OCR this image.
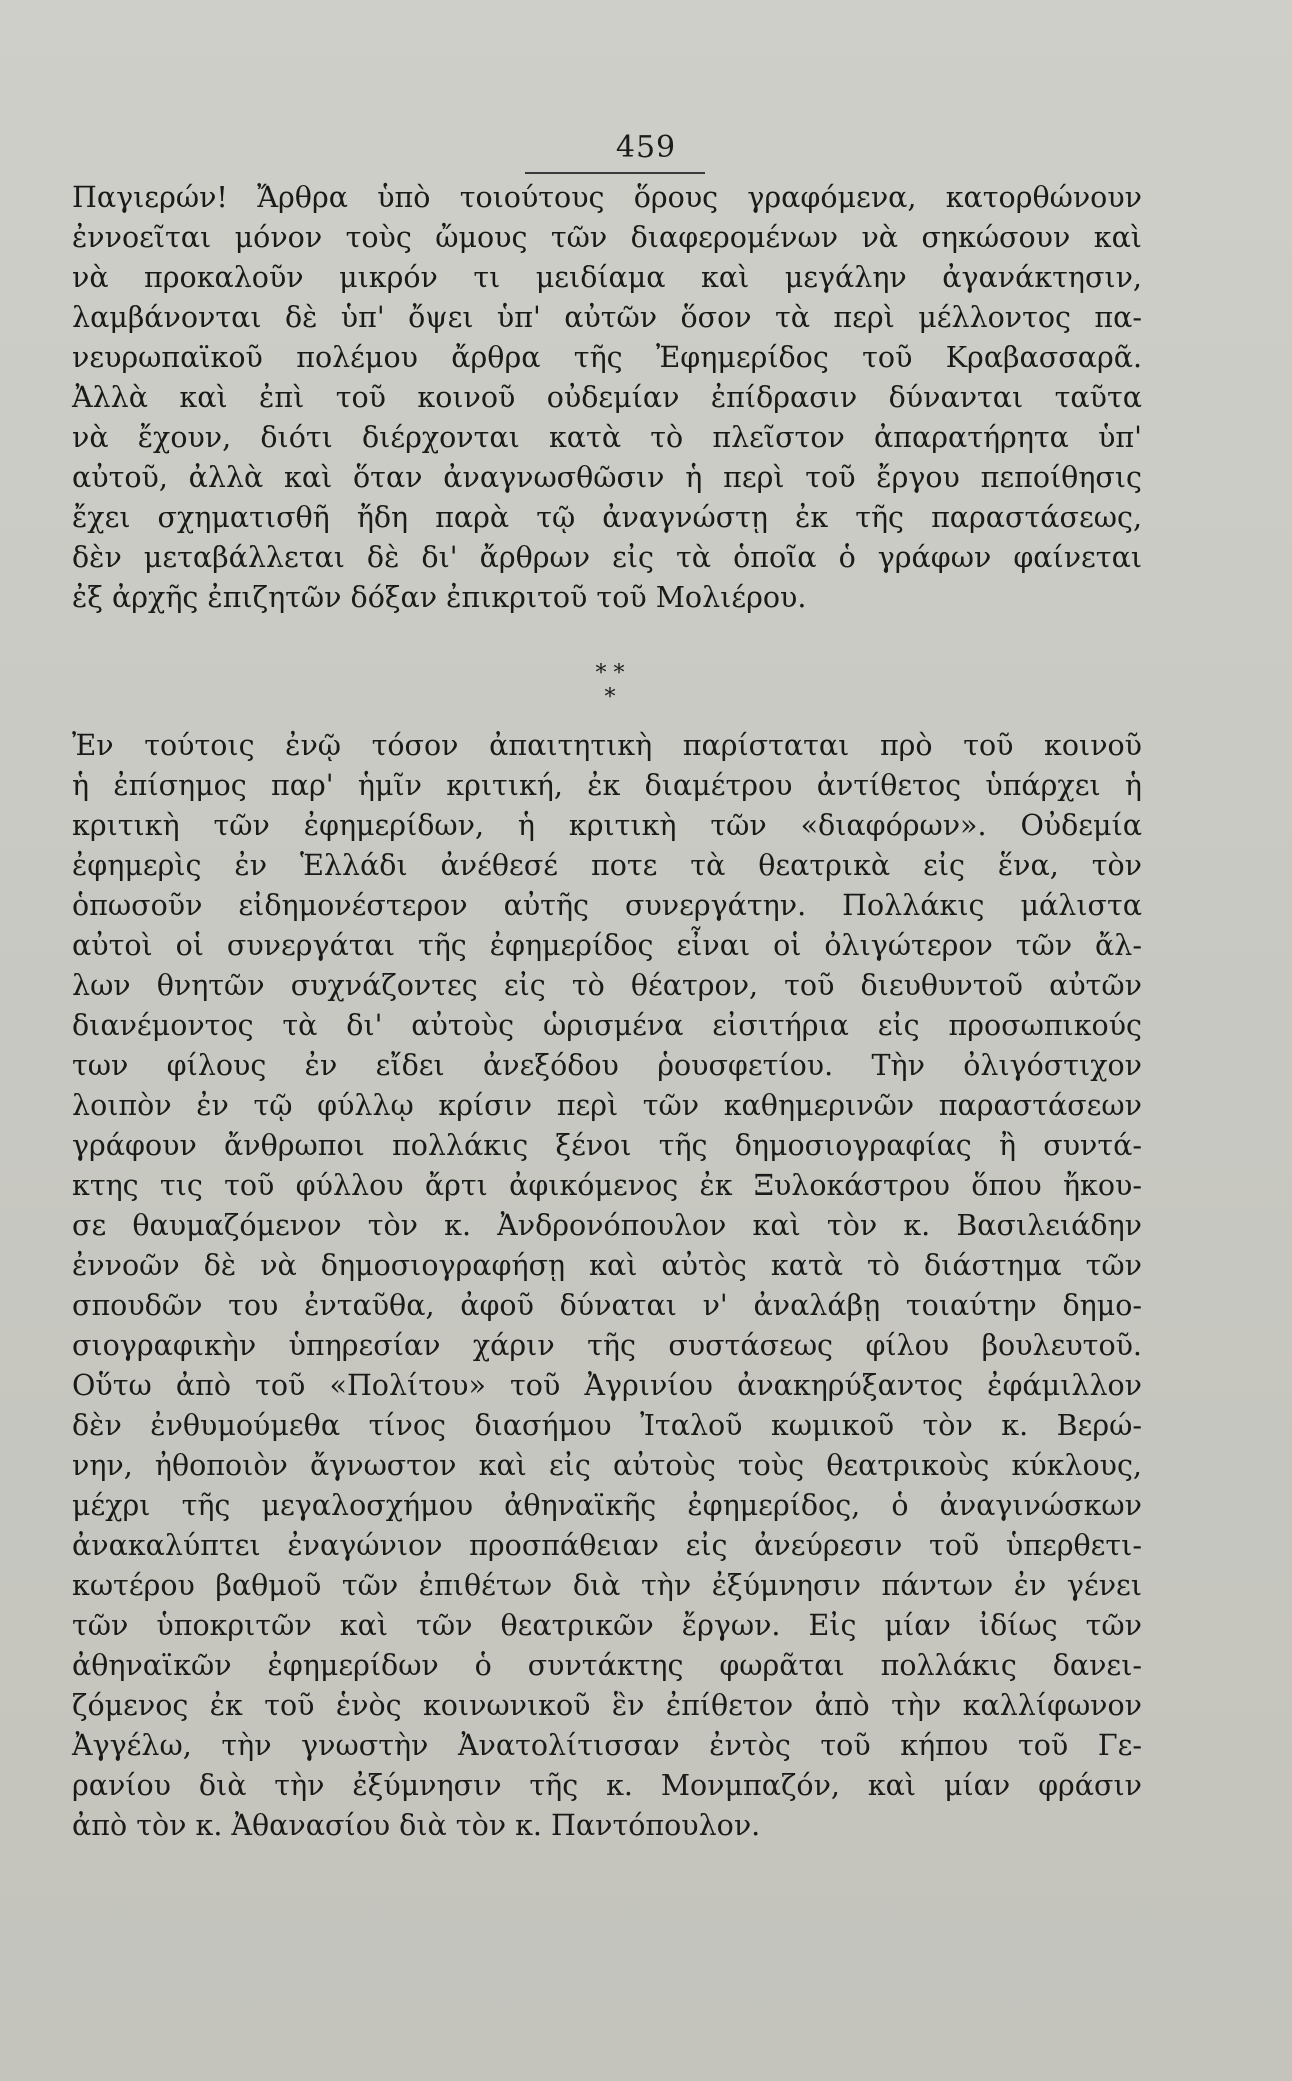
459
Παγιερών! Ἄρθρα ὑπὸ τοιούτους ὅρους γραφόμενα, κατορθώνουν
ἐννοεῖται μόνον τοὺς ὤμους τῶν διαφερομένων νὰ σηκώσουν καὶ
νὰ προκαλοῦν μικρόν τι μειδίαμα καὶ μεγάλην ἀγανάκτησιν,
λαμβάνονται δὲ ὑπ' ὄψει ὑπ' αὐτῶν ὅσον τὰ περὶ μέλλοντος πα-
νευρωπαϊκοῦ πολέμου ἄρθρα τῆς Ἐφημερίδος τοῦ Κραβασσαρᾶ.
Ἀλλὰ καὶ ἐπὶ τοῦ κοινοῦ οὐδεμίαν ἐπίδρασιν δύνανται ταῦτα
νὰ ἔχουν, διότι διέρχονται κατὰ τὸ πλεῖστον ἀπαρατήρητα ὑπ'
αὐτοῦ, ἀλλὰ καὶ ὅταν ἀναγνωσθῶσιν ἡ περὶ τοῦ ἔργου πεποίθησις
ἔχει σχηματισθῆ ἤδη παρὰ τῷ ἀναγνώστῃ ἐκ τῆς παραστάσεως,
δὲν μεταβάλλεται δὲ δι' ἄρθρων εἰς τὰ ὁποῖα ὁ γράφων φαίνεται
ἐξ ἀρχῆς ἐπιζητῶν δόξαν ἐπικριτοῦ τοῦ Μολιέρου.
* *
*
Ἐν τούτοις ἐνῷ τόσον ἀπαιτητικὴ παρίσταται πρὸ τοῦ κοινοῦ
ἡ ἐπίσημος παρ' ἡμῖν κριτική, ἐκ διαμέτρου ἀντίθετος ὑπάρχει ἡ
κριτικὴ τῶν ἐφημερίδων, ἡ κριτικὴ τῶν «διαφόρων». Οὐδεμία
ἐφημερὶς ἐν Ἑλλάδι ἀνέθεσέ ποτε τὰ θεατρικὰ εἰς ἕνα, τὸν
ὁπωσοῦν εἰδημονέστερον αὐτῆς συνεργάτην. Πολλάκις μάλιστα
αὐτοὶ οἱ συνεργάται τῆς ἐφημερίδος εἶναι οἱ ὀλιγώτερον τῶν ἄλ-
λων θνητῶν συχνάζοντες εἰς τὸ θέατρον, τοῦ διευθυντοῦ αὐτῶν
διανέμοντος τὰ δι' αὐτοὺς ὡρισμένα εἰσιτήρια εἰς προσωπικούς
των φίλους ἐν εἴδει ἀνεξόδου ῥουσφετίου. Τὴν ὀλιγόστιχον
λοιπὸν ἐν τῷ φύλλῳ κρίσιν περὶ τῶν καθημερινῶν παραστάσεων
γράφουν ἄνθρωποι πολλάκις ξένοι τῆς δημοσιογραφίας ἢ συντά-
κτης τις τοῦ φύλλου ἄρτι ἀφικόμενος ἐκ Ξυλοκάστρου ὅπου ἤκου-
σε θαυμαζόμενον τὸν κ. Ἀνδρονόπουλον καὶ τὸν κ. Βασιλειάδην
ἐννοῶν δὲ νὰ δημοσιογραφήσῃ καὶ αὐτὸς κατὰ τὸ διάστημα τῶν
σπουδῶν του ἐνταῦθα, ἀφοῦ δύναται ν' ἀναλάβῃ τοιαύτην δημο-
σιογραφικὴν ὑπηρεσίαν χάριν τῆς συστάσεως φίλου βουλευτοῦ.
Οὕτω ἀπὸ τοῦ «Πολίτου» τοῦ Ἀγρινίου ἀνακηρύξαντος ἐφάμιλλον
δὲν ἐνθυμούμεθα τίνος διασήμου Ἰταλοῦ κωμικοῦ τὸν κ. Βερώ-
νην, ἠθοποιὸν ἄγνωστον καὶ εἰς αὐτοὺς τοὺς θεατρικοὺς κύκλους,
μέχρι τῆς μεγαλοσχήμου ἀθηναϊκῆς ἐφημερίδος, ὁ ἀναγινώσκων
ἀνακαλύπτει ἐναγώνιον προσπάθειαν εἰς ἀνεύρεσιν τοῦ ὑπερθετι-
κωτέρου βαθμοῦ τῶν ἐπιθέτων διὰ τὴν ἐξύμνησιν πάντων ἐν γένει
τῶν ὑποκριτῶν καὶ τῶν θεατρικῶν ἔργων. Εἰς μίαν ἰδίως τῶν
ἀθηναϊκῶν ἐφημερίδων ὁ συντάκτης φωρᾶται πολλάκις δανει-
ζόμενος ἐκ τοῦ ἑνὸς κοινωνικοῦ ἓν ἐπίθετον ἀπὸ τὴν καλλίφωνον
Ἀγγέλω, τὴν γνωστὴν Ἀνατολίτισσαν ἐντὸς τοῦ κήπου τοῦ Γε-
ρανίου διὰ τὴν ἐξύμνησιν τῆς κ. Μονμπαζόν, καὶ μίαν φράσιν
ἀπὸ τὸν κ. Ἀθανασίου διὰ τὸν κ. Παντόπουλον.
